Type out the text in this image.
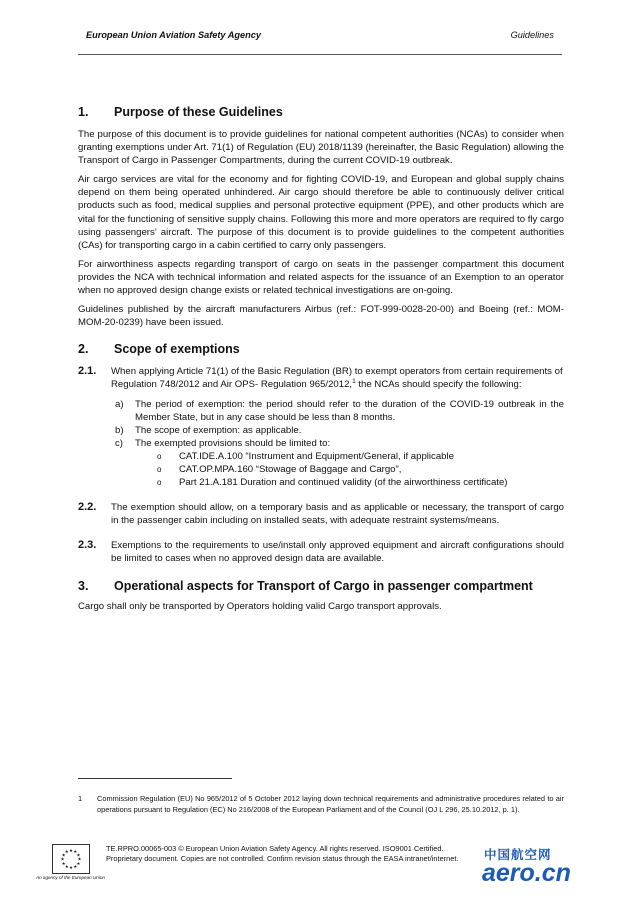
European Union Aviation Safety Agency	Guidelines
1.	Purpose of these Guidelines

The purpose of this document is to provide guidelines for national competent authorities (NCAs) to consider when granting exemptions under Art. 71(1) of Regulation (EU) 2018/1139 (hereinafter, the Basic Regulation) allowing the Transport of Cargo in Passenger Compartments, during the current COVID-19 outbreak.

Air cargo services are vital for the economy and for fighting COVID-19, and European and global supply chains depend on them being operated unhindered. Air cargo should therefore be able to continuously deliver critical products such as food, medical supplies and personal protective equipment (PPE), and other products which are vital for the functioning of sensitive supply chains. Following this more and more operators are required to fly cargo using passengers’ aircraft. The purpose of this document is to provide guidelines to the competent authorities (CAs) for transporting cargo in a cabin certified to carry only passengers.

For airworthiness aspects regarding transport of cargo on seats in the passenger compartment this document provides the NCA with technical information and related aspects for the issuance of an Exemption to an operator when no approved design change exists or related technical investigations are on-going.

Guidelines published by the aircraft manufacturers Airbus (ref.: FOT-999-0028-20-00) and Boeing (ref.: MOM-MOM-20-0239) have been issued.

2.	Scope of exemptions
2.1.	When applying Article 71(1) of the Basic Regulation (BR) to exempt operators from certain requirements of Regulation 748/2012 and Air OPS- Regulation 965/2012,$^1$ the NCAs should specify the following:

a)	The period of exemption: the period should refer to the duration of the COVID-19 outbreak in the Member State, but in any case should be less than 8 months.
b)	The scope of exemption: as applicable.
c)	The exempted provisions should be limited to:
o	CAT.IDE.A.100 “Instrument and Equipment/General, if applicable
o	CAT.OP.MPA.160 “Stowage of Baggage and Cargo”,
o	Part 21.A.181 Duration and continued validity (of the airworthiness certificate)
2.2.	The exemption should allow, on a temporary basis and as applicable or necessary, the transport of cargo in the passenger cabin including on installed seats, with adequate restraint systems/means.

2.3.	Exemptions to the requirements to use/install only approved equipment and aircraft configurations should be limited to cases when no approved design data are available.

3.	Operational aspects for Transport of Cargo in passenger compartment

Cargo shall only be transported by Operators holding valid Cargo transport approvals.

1	Commission Regulation (EU) No 965/2012 of 5 October 2012 laying down technical requirements and administrative procedures related to air operations pursuant to Regulation (EC) No 216/2008 of the European Parliament and of the Council (OJ L 296, 25.10.2012, p. 1).
★ ★
★
★
★
★
★
★
★
★
★
★
An agency of the European Union
TE.RPRO.00065-003 © European Union Aviation Safety Agency. All rights reserved. ISO9001 Certified.
Proprietary document. Copies are not controlled. Confirm revision status through the EASA intranet/internet.	中国航空网
aero.cn
